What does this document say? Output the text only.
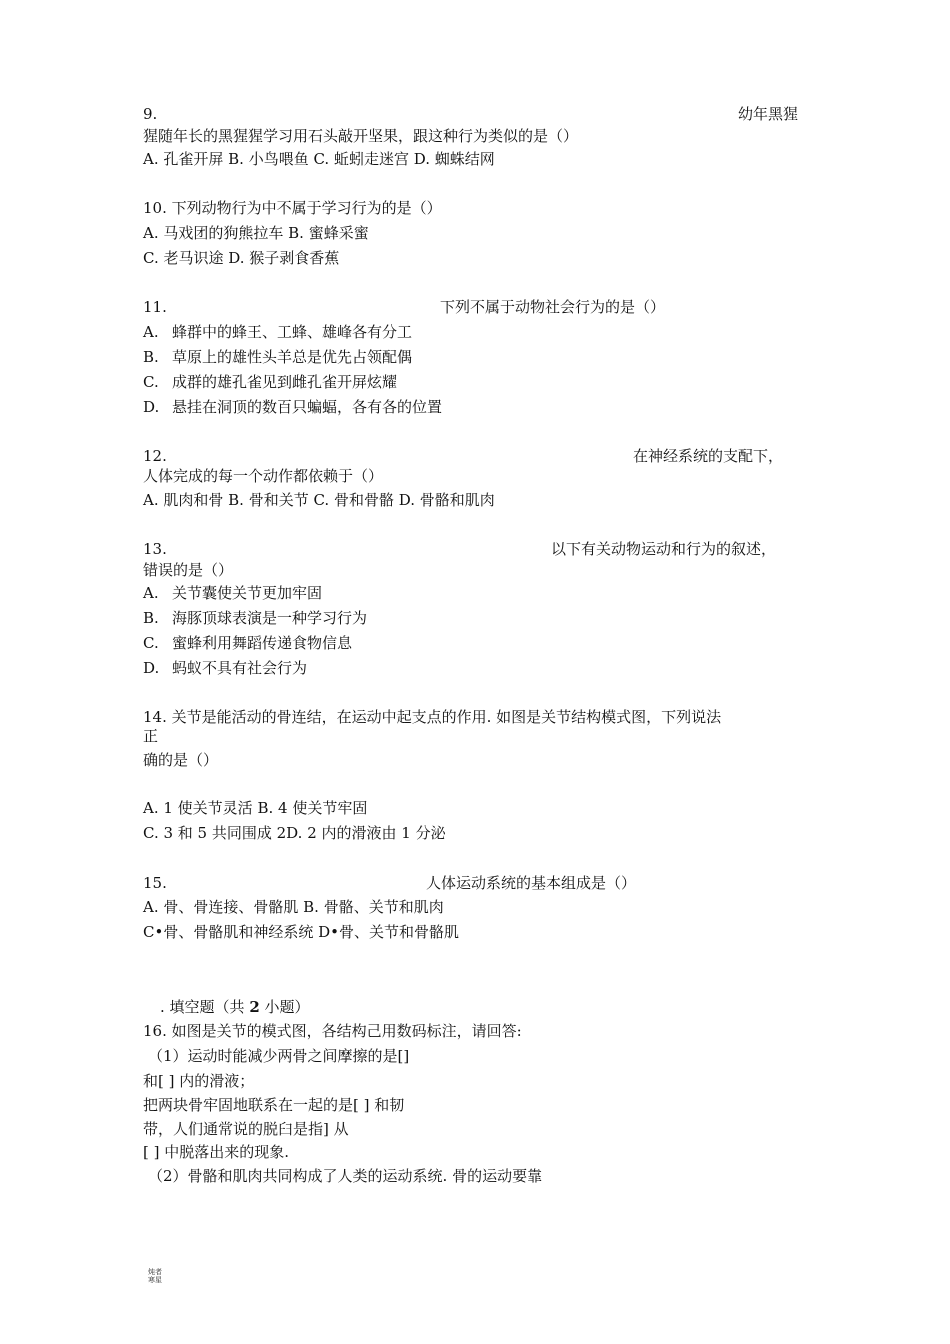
9.	幼年黑猩
猩随年长的黑猩猩学习用石头敲开坚果，跟这种行为类似的是（）
A. 孔雀开屏 B. 小鸟喂鱼 C. 蚯蚓走迷宫 D. 蜘蛛结网
10. 下列动物行为中不属于学习行为的是（）
A. 马戏团的狗熊拉车 B. 蜜蜂采蜜
C. 老马识途 D. 猴子剥食香蕉
11.	下列不属于动物社会行为的是（）
A. 蜂群中的蜂王、工蜂、雄峰各有分工
B. 草原上的雄性头羊总是优先占领配偶
C. 成群的雄孔雀见到雌孔雀开屏炫耀
D. 悬挂在洞顶的数百只蝙蝠，各有各的位置
12.	在神经系统的支配下，
人体完成的每一个动作都依赖于（）
A. 肌肉和骨 B. 骨和关节 C. 骨和骨骼 D. 骨骼和肌肉
13.	以下有关动物运动和行为的叙述，
错误的是（）
A. 关节囊使关节更加牢固
B. 海豚顶球表演是一种学习行为
C. 蜜蜂利用舞蹈传递食物信息
D. 蚂蚁不具有社会行为
14. 关节是能活动的骨连结，在运动中起支点的作用. 如图是关节结构模式图，下列说法
正
确的是（）
A. 1 使关节灵活 B. 4 使关节牢固
C. 3 和 5 共同围成 2D. 2 内的滑液由 1 分泌
15.	人体运动系统的基本组成是（）
A. 骨、骨连接、骨骼肌 B. 骨骼、关节和肌肉
C•骨、骨骼肌和神经系统 D•骨、关节和骨骼肌
. 填空题（共 2 小题）
16. 如图是关节的模式图，各结构己用数码标注，请回答:
（1）运动时能减少两骨之间摩擦的是[]
和[ ] 内的滑液；
把两块骨牢固地联系在一起的是[ ] 和韧
带，人们通常说的脱臼是指] 从
[ ] 中脱落出来的现象.
（2）骨骼和肌肉共同构成了人类的运动系统. 骨的运动要靠
炖者
寒星
